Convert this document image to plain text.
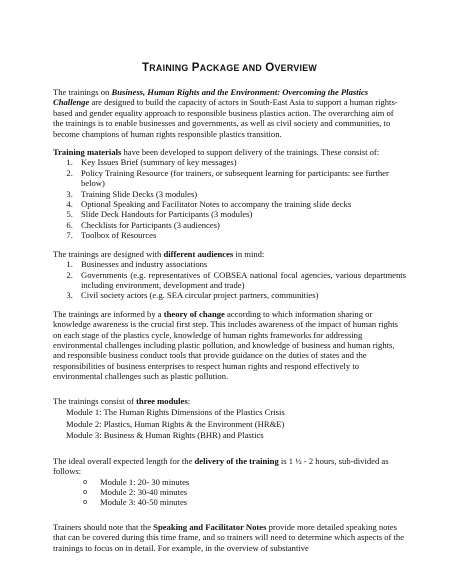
TRAINING PACKAGE AND OVERVIEW

The trainings on Business, Human Rights and the Environment: Overcoming the Plastics Challenge are designed to build the capacity of actors in South-East Asia to support a human rights-based and gender equality approach to responsible business plastics action. The overarching aim of the trainings is to enable businesses and governments, as well as civil society and communities, to become champions of human rights responsible plastics transition.

Training materials have been developed to support delivery of the trainings. These consist of:

1. Key Issues Brief (summary of key messages)
2. Policy Training Resource (for trainers, or subsequent learning for participants: see further below)
3. Training Slide Decks (3 modules)
4. Optional Speaking and Facilitator Notes to accompany the training slide decks
5. Slide Deck Handouts for Participants (3 modules)
6. Checklists for Participants (3 audiences)
7. Toolbox of Resources

The trainings are designed with different audiences in mind:

1. Businesses and industry associations
2. Governments (e.g. representatives of COBSEA national focal agencies, various departments including environment, development and trade)
3. Civil society actors (e.g. SEA circular project partners, communities)

The trainings are informed by a theory of change according to which information sharing or knowledge awareness is the crucial first step. This includes awareness of the impact of human rights on each stage of the plastics cycle, knowledge of human rights frameworks for addressing environmental challenges including plastic pollution, and knowledge of business and human rights, and responsible business conduct tools that provide guidance on the duties of states and the responsibilities of business enterprises to respect human rights and respond effectively to environmental challenges such as plastic pollution.

The trainings consist of three modules:

Module 1: The Human Rights Dimensions of the Plastics Crisis
Module 2: Plastics, Human Rights & the Environment (HR&E)
Module 3: Business & Human Rights (BHR) and Plastics

The ideal overall expected length for the delivery of the training is 1 ½ - 2 hours, sub-divided as follows:

o Module 1: 20- 30 minutes
o Module 2: 30-40 minutes
o Module 3: 40-50 minutes

Trainers should note that the Speaking and Facilitator Notes provide more detailed speaking notes that can be covered during this time frame, and so trainers will need to determine which aspects of the trainings to focus on in detail. For example, in the overview of substantive
